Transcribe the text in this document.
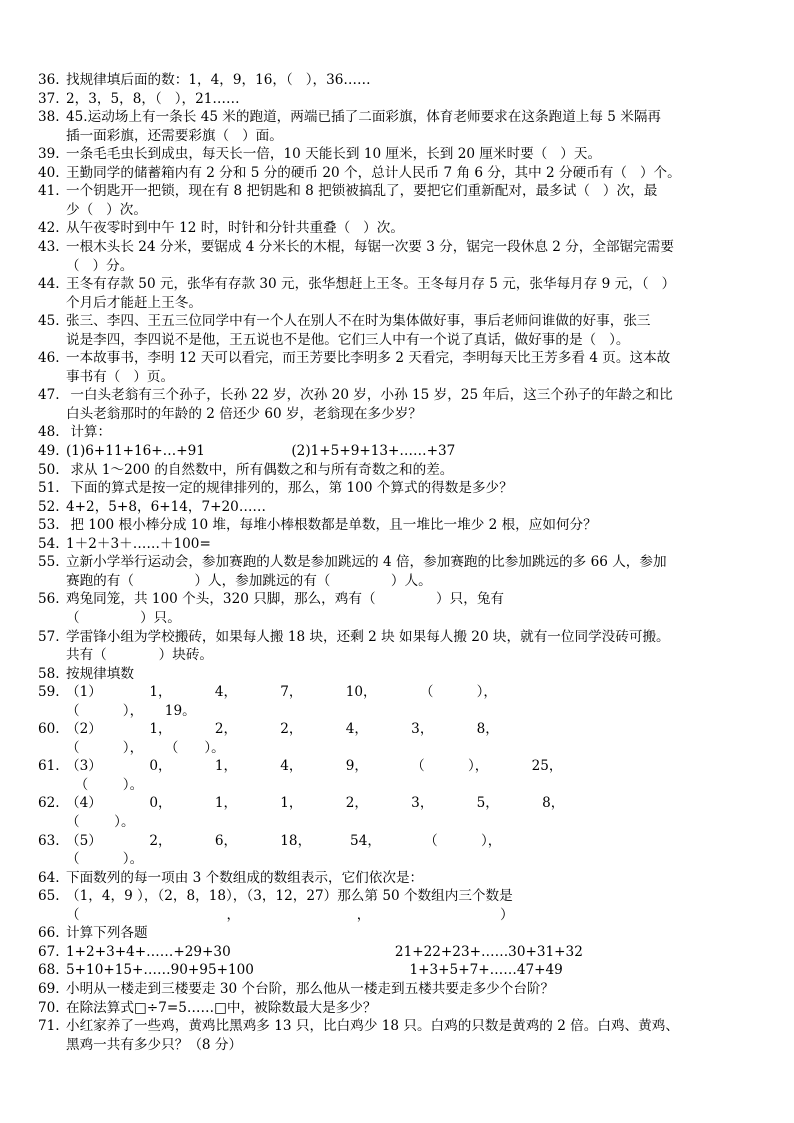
36. 找规律填后面的数：1，4，9，16，（   ），36……
37. 2，3，5，8，（   ），21……
38. 45.运动场上有一条长 45 米的跑道，两端已插了二面彩旗，体育老师要求在这条跑道上每 5 米隔再
插一面彩旗，还需要彩旗（   ）面。
39. 一条毛毛虫长到成虫，每天长一倍，10 天能长到 10 厘米，长到 20 厘米时要（   ）天。
40. 王勤同学的储蓄箱内有 2 分和 5 分的硬币 20 个，总计人民币 7 角 6 分，其中 2 分硬币有（   ）个。
41. 一个钥匙开一把锁，现在有 8 把钥匙和 8 把锁被搞乱了，要把它们重新配对，最多试（   ）次，最
少（   ）次。
42. 从午夜零时到中午 12 时，时针和分针共重叠（   ）次。
43. 一根木头长 24 分米，要锯成 4 分米长的木棍，每锯一次要 3 分，锯完一段休息 2 分，全部锯完需要
（   ）分。
44. 王冬有存款 50 元，张华有存款 30 元，张华想赶上王冬。王冬每月存 5 元，张华每月存 9 元，（   ）
个月后才能赶上王冬。
45. 张三、李四、王五三位同学中有一个人在别人不在时为集体做好事，事后老师问谁做的好事，张三
说是李四，李四说不是他，王五说也不是他。它们三人中有一个说了真话，做好事的是（   ）。
46. 一本故事书，李明 12 天可以看完，而王芳要比李明多 2 天看完，李明每天比王芳多看 4 页。这本故
事书有（   ）页。
47. 一白头老翁有三个孙子，长孙 22 岁，次孙 20 岁，小孙 15 岁，25 年后，这三个孙子的年龄之和比
白头老翁那时的年龄的 2 倍还少 60 岁，老翁现在多少岁？
48. 计算：
49. (1)6+11+16+…+91                    (2)1+5+9+13+……+37
50. 求从 1～200 的自然数中，所有偶数之和与所有奇数之和的差。
51. 下面的算式是按一定的规律排列的，那么，第 100 个算式的得数是多少？
52. 4+2，5+8，6+14，7+20……
53. 把 100 根小棒分成 10 堆，每堆小棒根数都是单数，且一堆比一堆少 2 根，应如何分？
54. 1＋2＋3＋……＋100=
55. 立新小学举行运动会，参加赛跑的人数是参加跳远的 4 倍，参加赛跑的比参加跳远的多 66 人，参加
赛跑的有（              ）人，参加跳远的有（              ）人。
56. 鸡兔同笼，共 100 个头，320 只脚，那么，鸡有（              ）只，兔有
（              ）只。
57. 学雷锋小组为学校搬砖，如果每人搬 18 块，还剩 2 块 如果每人搬 20 块，就有一位同学没砖可搬。
共有（            ）块砖。
58. 按规律填数
59. （1）           1，          4，          7，          10，          （          ），
（          ），     19。
60. （2）           1，          2，          2，          4，          3，          8，
（          ），     （      ）。
61. （3）           0，          1，          4，          9，          （          ），          25，
（        ）。
62. （4）           0，          1，          1，          2，          3，          5，          8，
（        ）。
63. （5）           2，          6，          18，         54，          （          ），
（          ）。
64. 下面数列的每一项由 3 个数组成的数组表示，它们依次是：
65. （1，4，9 ），（2，8，18），（3，12，27）那么第 50 个数组内三个数是
（                                  ，                           ，                              ）
66. 计算下列各题
67. 1+2+3+4+……+29+30                                      21+22+23+……30+31+32
68. 5+10+15+……90+95+100                                    1+3+5+7+……47+49
69. 小明从一楼走到三楼要走 30 个台阶，那么他从一楼走到五楼共要走多少个台阶？
70. 在除法算式□÷7=5……□中，被除数最大是多少？
71. 小红家养了一些鸡，黄鸡比黑鸡多 13 只，比白鸡少 18 只。白鸡的只数是黄鸡的 2 倍。白鸡、黄鸡、
黑鸡一共有多少只？（8 分）
